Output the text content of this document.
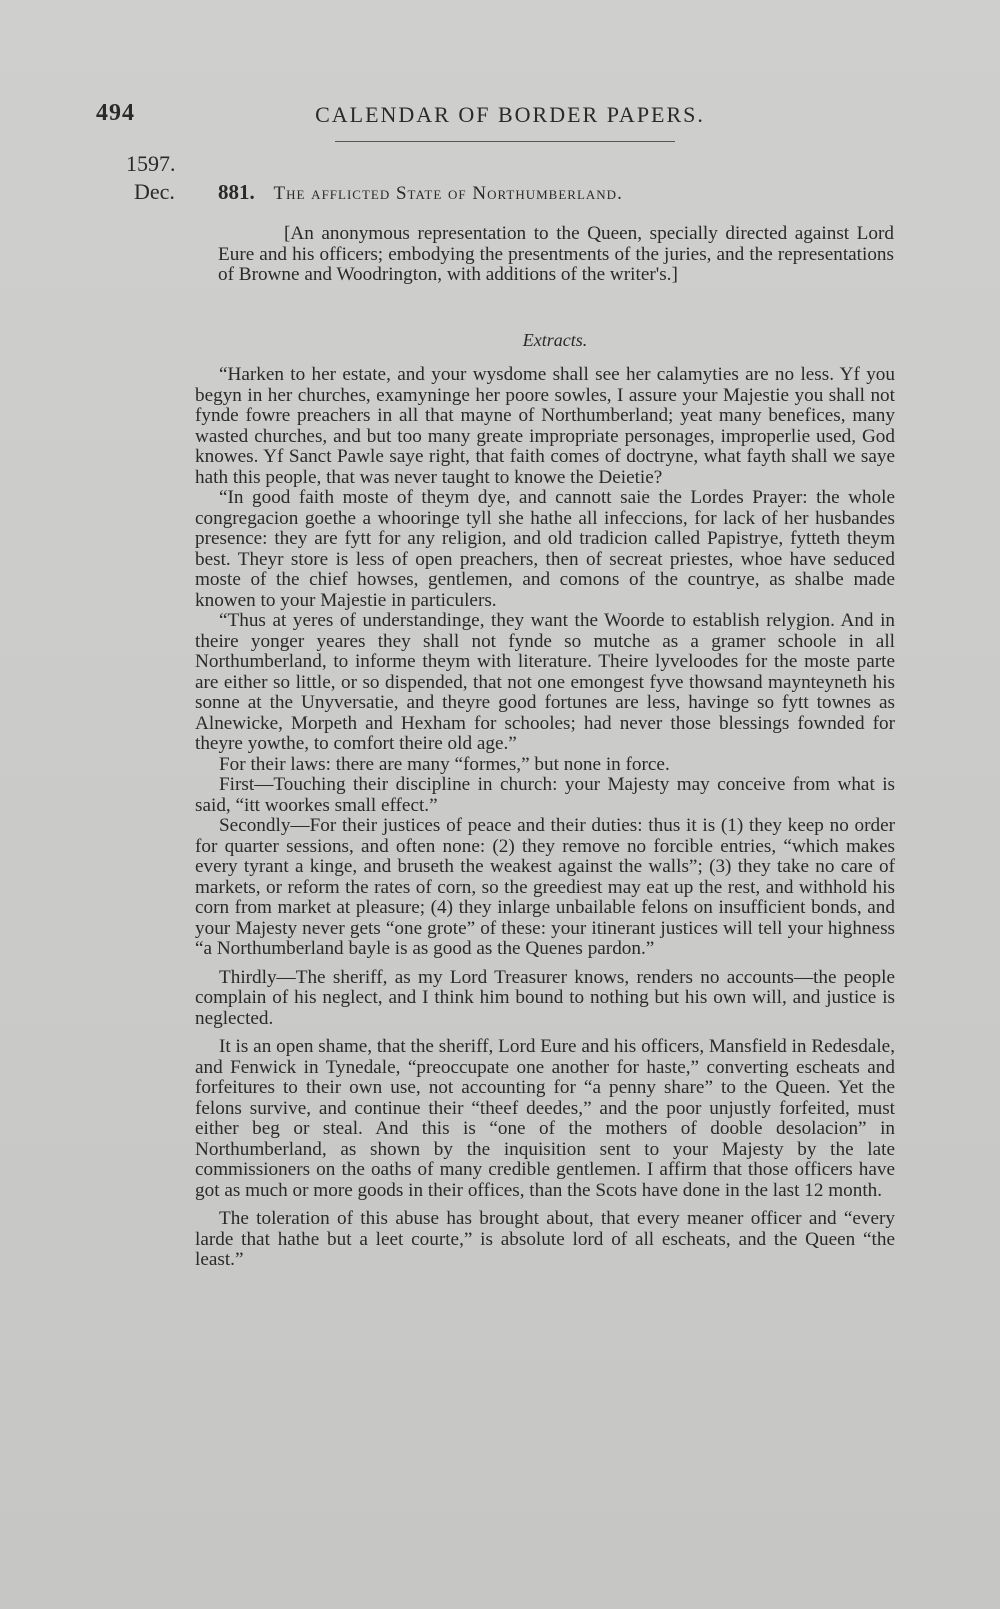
494	CALENDAR OF BORDER PAPERS.
1597.
Dec. 881. The afflicted State of Northumberland.

[An anonymous representation to the Queen, specially directed against Lord Eure and his officers; embodying the presentments of the juries, and the representations of Browne and Woodrington, with additions of the writer's.]

Extracts.

“Harken to her estate, and your wysdome shall see her calamyties are no less. Yf you begyn in her churches, examyninge her poore sowles, I assure your Majestie you shall not fynde fowre preachers in all that mayne of Northumberland; yeat many benefices, many wasted churches, and but too many greate impropriate personages, improperlie used, God knowes. Yf Sanct Pawle saye right, that faith comes of doctryne, what fayth shall we saye hath this people, that was never taught to knowe the Deietie?

“In good faith moste of theym dye, and cannott saie the Lordes Prayer: the whole congregacion goethe a whooringe tyll she hathe all infeccions, for lack of her husbandes presence: they are fytt for any religion, and old tradicion called Papistrye, fytteth theym best. Theyr store is less of open preachers, then of secreat priestes, whoe have seduced moste of the chief howses, gentlemen, and comons of the countrye, as shalbe made knowen to your Majestie in particulers.

“Thus at yeres of understandinge, they want the Woorde to establish relygion. And in theire yonger yeares they shall not fynde so mutche as a gramer schoole in all Northumberland, to informe theym with literature. Theire lyveloodes for the moste parte are either so little, or so dispended, that not one emongest fyve thowsand maynteyneth his sonne at the Unyversatie, and theyre good fortunes are less, havinge so fytt townes as Alnewicke, Morpeth and Hexham for schooles; had never those blessings fownded for theyre yowthe, to comfort theire old age.”

For their laws: there are many “formes,” but none in force.

First—Touching their discipline in church: your Majesty may conceive from what is said, “itt woorkes small effect.”

Secondly—For their justices of peace and their duties: thus it is (1) they keep no order for quarter sessions, and often none: (2) they remove no forcible entries, “which makes every tyrant a kinge, and bruseth the weakest against the walls”; (3) they take no care of markets, or reform the rates of corn, so the greediest may eat up the rest, and withhold his corn from market at pleasure; (4) they inlarge unbailable felons on insufficient bonds, and your Majesty never gets “one grote” of these: your itinerant justices will tell your highness “a Northumberland bayle is as good as the Quenes pardon.”

Thirdly—The sheriff, as my Lord Treasurer knows, renders no accounts—the people complain of his neglect, and I think him bound to nothing but his own will, and justice is neglected.

It is an open shame, that the sheriff, Lord Eure and his officers, Mansfield in Redesdale, and Fenwick in Tynedale, “preoccupate one another for haste,” converting escheats and forfeitures to their own use, not accounting for “a penny share” to the Queen. Yet the felons survive, and continue their “theef deedes,” and the poor unjustly forfeited, must either beg or steal. And this is “one of the mothers of dooble desolacion” in Northumberland, as shown by the inquisition sent to your Majesty by the late commissioners on the oaths of many credible gentlemen. I affirm that those officers have got as much or more goods in their offices, than the Scots have done in the last 12 month.

The toleration of this abuse has brought about, that every meaner officer and “every larde that hathe but a leet courte,” is absolute lord of all escheats, and the Queen “the least.”
